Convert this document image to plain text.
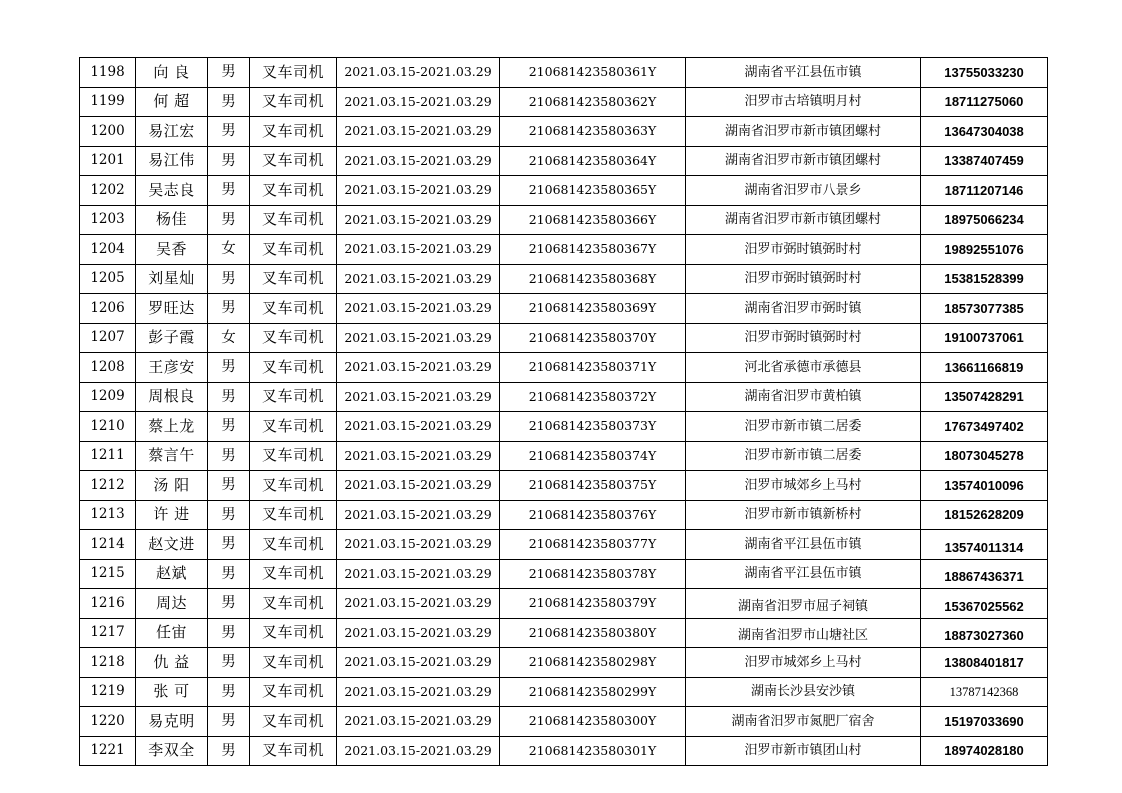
1198	向 良	男	叉车司机	2021.03.15-2021.03.29	210681423580361Y	湖南省平江县伍市镇	13755033230
1199	何 超	男	叉车司机	2021.03.15-2021.03.29	210681423580362Y	汨罗市古培镇明月村	18711275060
1200	易江宏	男	叉车司机	2021.03.15-2021.03.29	210681423580363Y	湖南省汨罗市新市镇团螺村	13647304038
1201	易江伟	男	叉车司机	2021.03.15-2021.03.29	210681423580364Y	湖南省汨罗市新市镇团螺村	13387407459
1202	吴志良	男	叉车司机	2021.03.15-2021.03.29	210681423580365Y	湖南省汨罗市八景乡	18711207146
1203	杨佳	男	叉车司机	2021.03.15-2021.03.29	210681423580366Y	湖南省汨罗市新市镇团螺村	18975066234
1204	吴香	女	叉车司机	2021.03.15-2021.03.29	210681423580367Y	汨罗市弼时镇弼时村	19892551076
1205	刘星灿	男	叉车司机	2021.03.15-2021.03.29	210681423580368Y	汨罗市弼时镇弼时村	15381528399
1206	罗旺达	男	叉车司机	2021.03.15-2021.03.29	210681423580369Y	湖南省汨罗市弼时镇	18573077385
1207	彭子霞	女	叉车司机	2021.03.15-2021.03.29	210681423580370Y	汨罗市弼时镇弼时村	19100737061
1208	王彦安	男	叉车司机	2021.03.15-2021.03.29	210681423580371Y	河北省承德市承德县	13661166819
1209	周根良	男	叉车司机	2021.03.15-2021.03.29	210681423580372Y	湖南省汨罗市黄柏镇	13507428291
1210	蔡上龙	男	叉车司机	2021.03.15-2021.03.29	210681423580373Y	汨罗市新市镇二居委	17673497402
1211	蔡言午	男	叉车司机	2021.03.15-2021.03.29	210681423580374Y	汨罗市新市镇二居委	18073045278
1212	汤 阳	男	叉车司机	2021.03.15-2021.03.29	210681423580375Y	汨罗市城郊乡上马村	13574010096
1213	许 进	男	叉车司机	2021.03.15-2021.03.29	210681423580376Y	汨罗市新市镇新桥村	18152628209
1214	赵文进	男	叉车司机	2021.03.15-2021.03.29	210681423580377Y	湖南省平江县伍市镇	13574011314
1215	赵斌	男	叉车司机	2021.03.15-2021.03.29	210681423580378Y	湖南省平江县伍市镇	18867436371
1216	周达	男	叉车司机	2021.03.15-2021.03.29	210681423580379Y	湖南省汨罗市屈子祠镇	15367025562
1217	任宙	男	叉车司机	2021.03.15-2021.03.29	210681423580380Y	湖南省汨罗市山塘社区	18873027360
1218	仇 益	男	叉车司机	2021.03.15-2021.03.29	210681423580298Y	汨罗市城郊乡上马村	13808401817
1219	张 可	男	叉车司机	2021.03.15-2021.03.29	210681423580299Y	湖南长沙县安沙镇	13787142368
1220	易克明	男	叉车司机	2021.03.15-2021.03.29	210681423580300Y	湖南省汨罗市氮肥厂宿舍	15197033690
1221	李双全	男	叉车司机	2021.03.15-2021.03.29	210681423580301Y	汨罗市新市镇团山村	18974028180
